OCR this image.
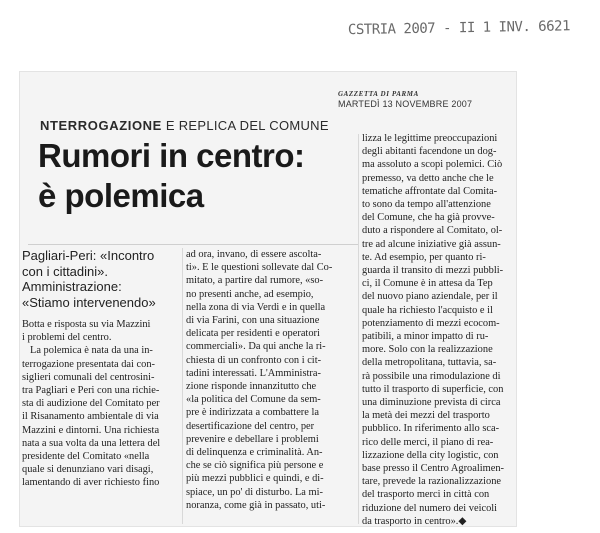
CSTRIA 2007 - II 1 INV. 6621
GAZZETTA DI PARMA
MARTEDÌ 13 NOVEMBRE 2007
NTERROGAZIONE E REPLICA DEL COMUNE
Rumori in centro:
è polemica
Pagliari-Peri: «Incontro
con i cittadini».
Amministrazione:
«Stiamo intervenendo»
Botta e risposta su via Mazzini
i problemi del centro.
La polemica è nata da una in-
terrogazione presentata dai con-
siglieri comunali del centrosini-
tra Pagliari e Peri con una richie-
sta di audizione del Comitato per
il Risanamento ambientale di via
Mazzini e dintorni. Una richiesta
nata a sua volta da una lettera del
presidente del Comitato «nella
quale si denunziano vari disagi,
lamentando di aver richiesto fino
ad ora, invano, di essere ascolta-
ti». E le questioni sollevate dal Co-
mitato, a partire dal rumore, «so-
no presenti anche, ad esempio,
nella zona di via Verdi e in quella
di via Farini, con una situazione
delicata per residenti e operatori
commerciali». Da qui anche la ri-
chiesta di un confronto con i cit-
tadini interessati. L'Amministra-
zione risponde innanzitutto che
«la politica del Comune da sem-
pre è indirizzata a combattere la
desertificazione del centro, per
prevenire e debellare i problemi
di delinquenza e criminalità. An-
che se ciò significa più persone e
più mezzi pubblici e quindi, e di-
spiace, un po' di disturbo. La mi-
noranza, come già in passato, uti-
lizza le legittime preoccupazioni
degli abitanti facendone un dog-
ma assoluto a scopi polemici. Ciò
premesso, va detto anche che le
tematiche affrontate dal Comita-
to sono da tempo all'attenzione
del Comune, che ha già provve-
duto a rispondere al Comitato, ol-
tre ad alcune iniziative già assun-
te. Ad esempio, per quanto ri-
guarda il transito di mezzi pubbli-
ci, il Comune è in attesa da Tep
del nuovo piano aziendale, per il
quale ha richiesto l'acquisto e il
potenziamento di mezzi ecocom-
patibili, a minor impatto di ru-
more. Solo con la realizzazione
della metropolitana, tuttavia, sa-
rà possibile una rimodulazione di
tutto il trasporto di superficie, con
una diminuzione prevista di circa
la metà dei mezzi del trasporto
pubblico. In riferimento allo sca-
rico delle merci, il piano di rea-
lizzazione della city logistic, con
base presso il Centro Agroalimen-
tare, prevede la razionalizzazione
del trasporto merci in città con
riduzione del numero dei veicoli
da trasporto in centro».◆
